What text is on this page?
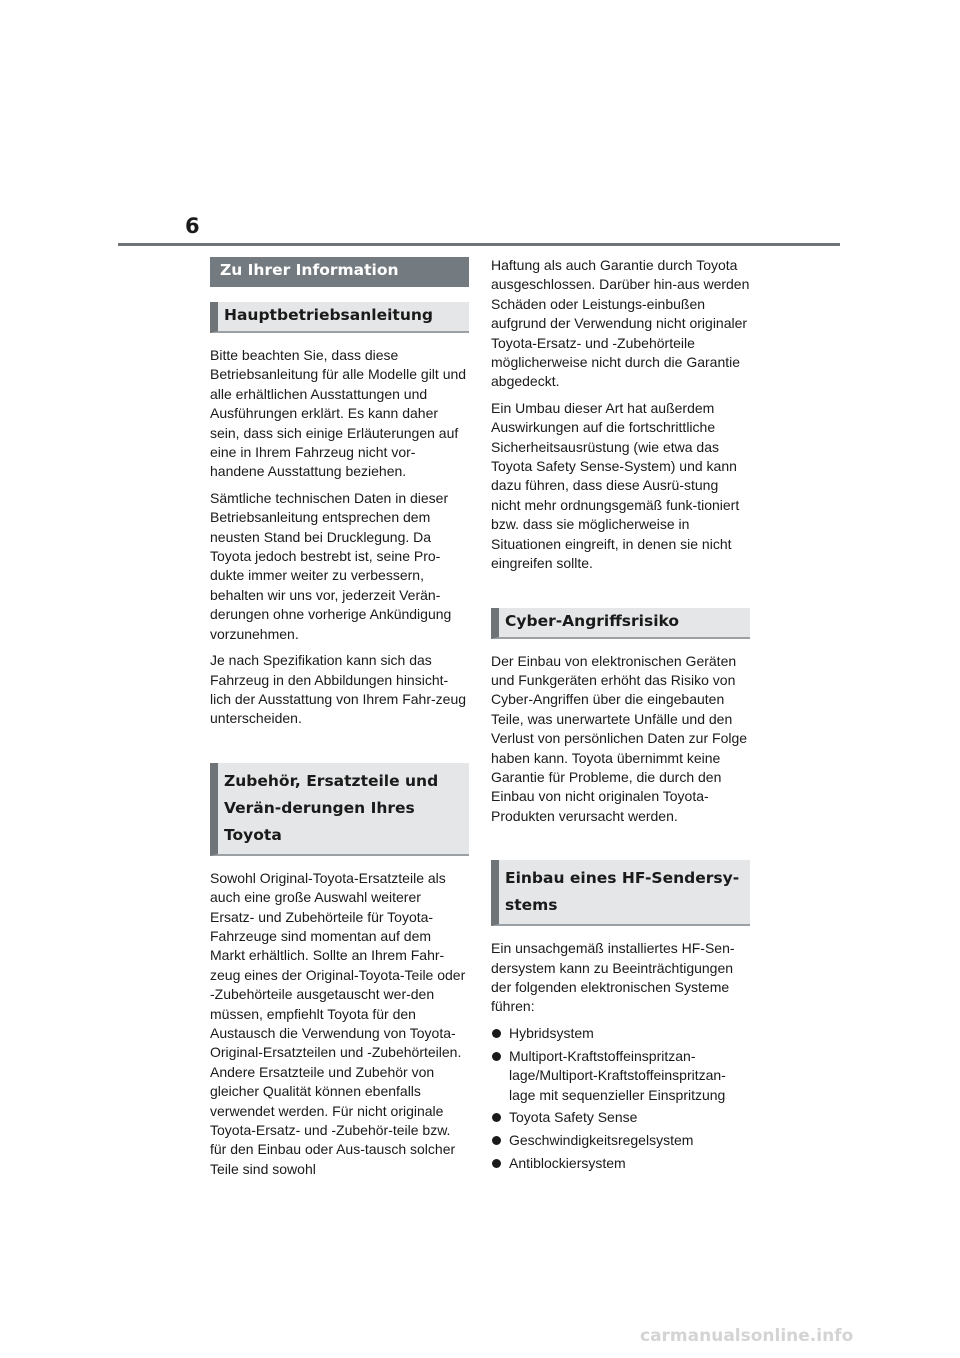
6
Zu Ihrer Information
Hauptbetriebsanleitung

Bitte beachten Sie, dass diese Betriebsanleitung für alle Modelle gilt und alle erhältlichen Ausstattungen und Ausführungen erklärt. Es kann daher sein, dass sich einige Erläuterungen auf eine in Ihrem Fahrzeug nicht vor-handene Ausstattung beziehen.

Sämtliche technischen Daten in dieser Betriebsanleitung entsprechen dem neusten Stand bei Drucklegung. Da Toyota jedoch bestrebt ist, seine Pro-dukte immer weiter zu verbessern, behalten wir uns vor, jederzeit Verän-derungen ohne vorherige Ankündigung vorzunehmen.

Je nach Spezifikation kann sich das Fahrzeug in den Abbildungen hinsicht-lich der Ausstattung von Ihrem Fahr-zeug unterscheiden.

Zubehör, Ersatzteile und Verän-derungen Ihres Toyota

Sowohl Original-Toyota-Ersatzteile als auch eine große Auswahl weiterer Ersatz- und Zubehörteile für Toyota-Fahrzeuge sind momentan auf dem Markt erhältlich. Sollte an Ihrem Fahr-zeug eines der Original-Toyota-Teile oder -Zubehörteile ausgetauscht wer-den müssen, empfiehlt Toyota für den Austausch die Verwendung von Toyota-Original-Ersatzteilen und -Zubehörteilen. Andere Ersatzteile und Zubehör von gleicher Qualität können ebenfalls verwendet werden. Für nicht originale Toyota-Ersatz- und -Zubehör-teile bzw. für den Einbau oder Aus-tausch solcher Teile sind sowohl

Haftung als auch Garantie durch Toyota ausgeschlossen. Darüber hin-aus werden Schäden oder Leistungs-einbußen aufgrund der Verwendung nicht originaler Toyota-Ersatz- und -Zubehörteile möglicherweise nicht durch die Garantie abgedeckt.

Ein Umbau dieser Art hat außerdem Auswirkungen auf die fortschrittliche Sicherheitsausrüstung (wie etwa das Toyota Safety Sense-System) und kann dazu führen, dass diese Ausrü-stung nicht mehr ordnungsgemäß funk-tioniert bzw. dass sie möglicherweise in Situationen eingreift, in denen sie nicht eingreifen sollte.

Cyber-Angriffsrisiko

Der Einbau von elektronischen Geräten und Funkgeräten erhöht das Risiko von Cyber-Angriffen über die eingebauten Teile, was unerwartete Unfälle und den Verlust von persönlichen Daten zur Folge haben kann. Toyota übernimmt keine Garantie für Probleme, die durch den Einbau von nicht originalen Toyota-Produkten verursacht werden.

Einbau eines HF-Sendersy-stems

Ein unsachgemäß installiertes HF-Sen-dersystem kann zu Beeinträchtigungen der folgenden elektronischen Systeme führen:

Hybridsystem
Multiport-Kraftstoffeinspritzan-lage/Multiport-Kraftstoffeinspritzan-lage mit sequenzieller Einspritzung
Toyota Safety Sense
Geschwindigkeitsregelsystem
Antiblockiersystem
carmanualsonline.info
